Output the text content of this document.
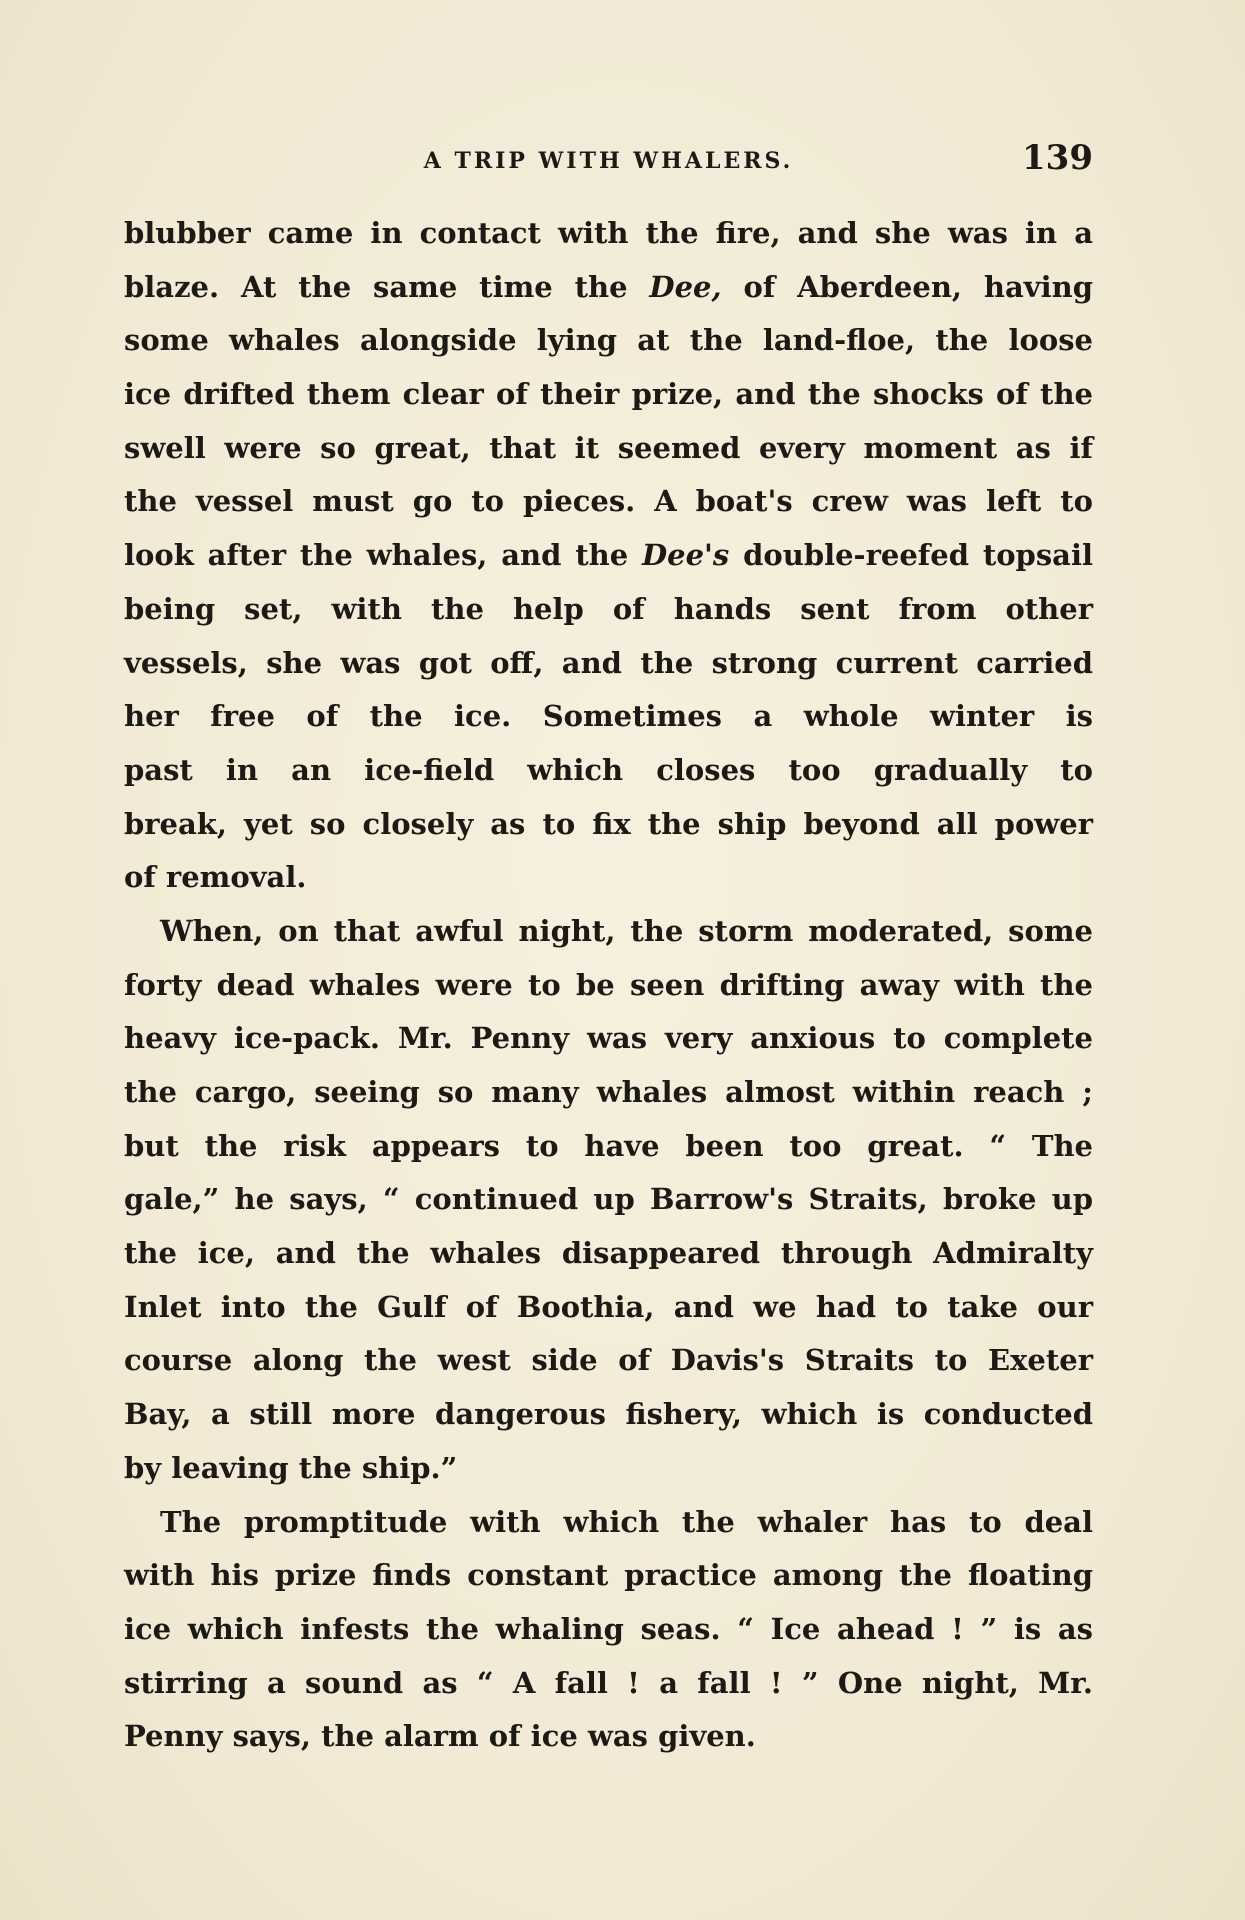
A TRIP WITH WHALERS.	139
blubber came in contact with the fire, and she was in a
blaze. At the same time the Dee, of Aberdeen, having
some whales alongside lying at the land-floe, the loose
ice drifted them clear of their prize, and the shocks of the
swell were so great, that it seemed every moment as if
the vessel must go to pieces. A boat's crew was left to
look after the whales, and the Dee's double-reefed topsail
being set, with the help of hands sent from other
vessels, she was got off, and the strong current carried
her free of the ice. Sometimes a whole winter is
past in an ice-field which closes too gradually to
break, yet so closely as to fix the ship beyond all power
of removal.
When, on that awful night, the storm moderated, some
forty dead whales were to be seen drifting away with the
heavy ice-pack. Mr. Penny was very anxious to complete
the cargo, seeing so many whales almost within reach ;
but the risk appears to have been too great. “ The
gale,” he says, “ continued up Barrow's Straits, broke up
the ice, and the whales disappeared through Admiralty
Inlet into the Gulf of Boothia, and we had to take our
course along the west side of Davis's Straits to Exeter
Bay, a still more dangerous fishery, which is conducted
by leaving the ship.”
The promptitude with which the whaler has to deal
with his prize finds constant practice among the floating
ice which infests the whaling seas. “ Ice ahead ! ” is as
stirring a sound as “ A fall ! a fall ! ” One night, Mr.
Penny says, the alarm of ice was given.
